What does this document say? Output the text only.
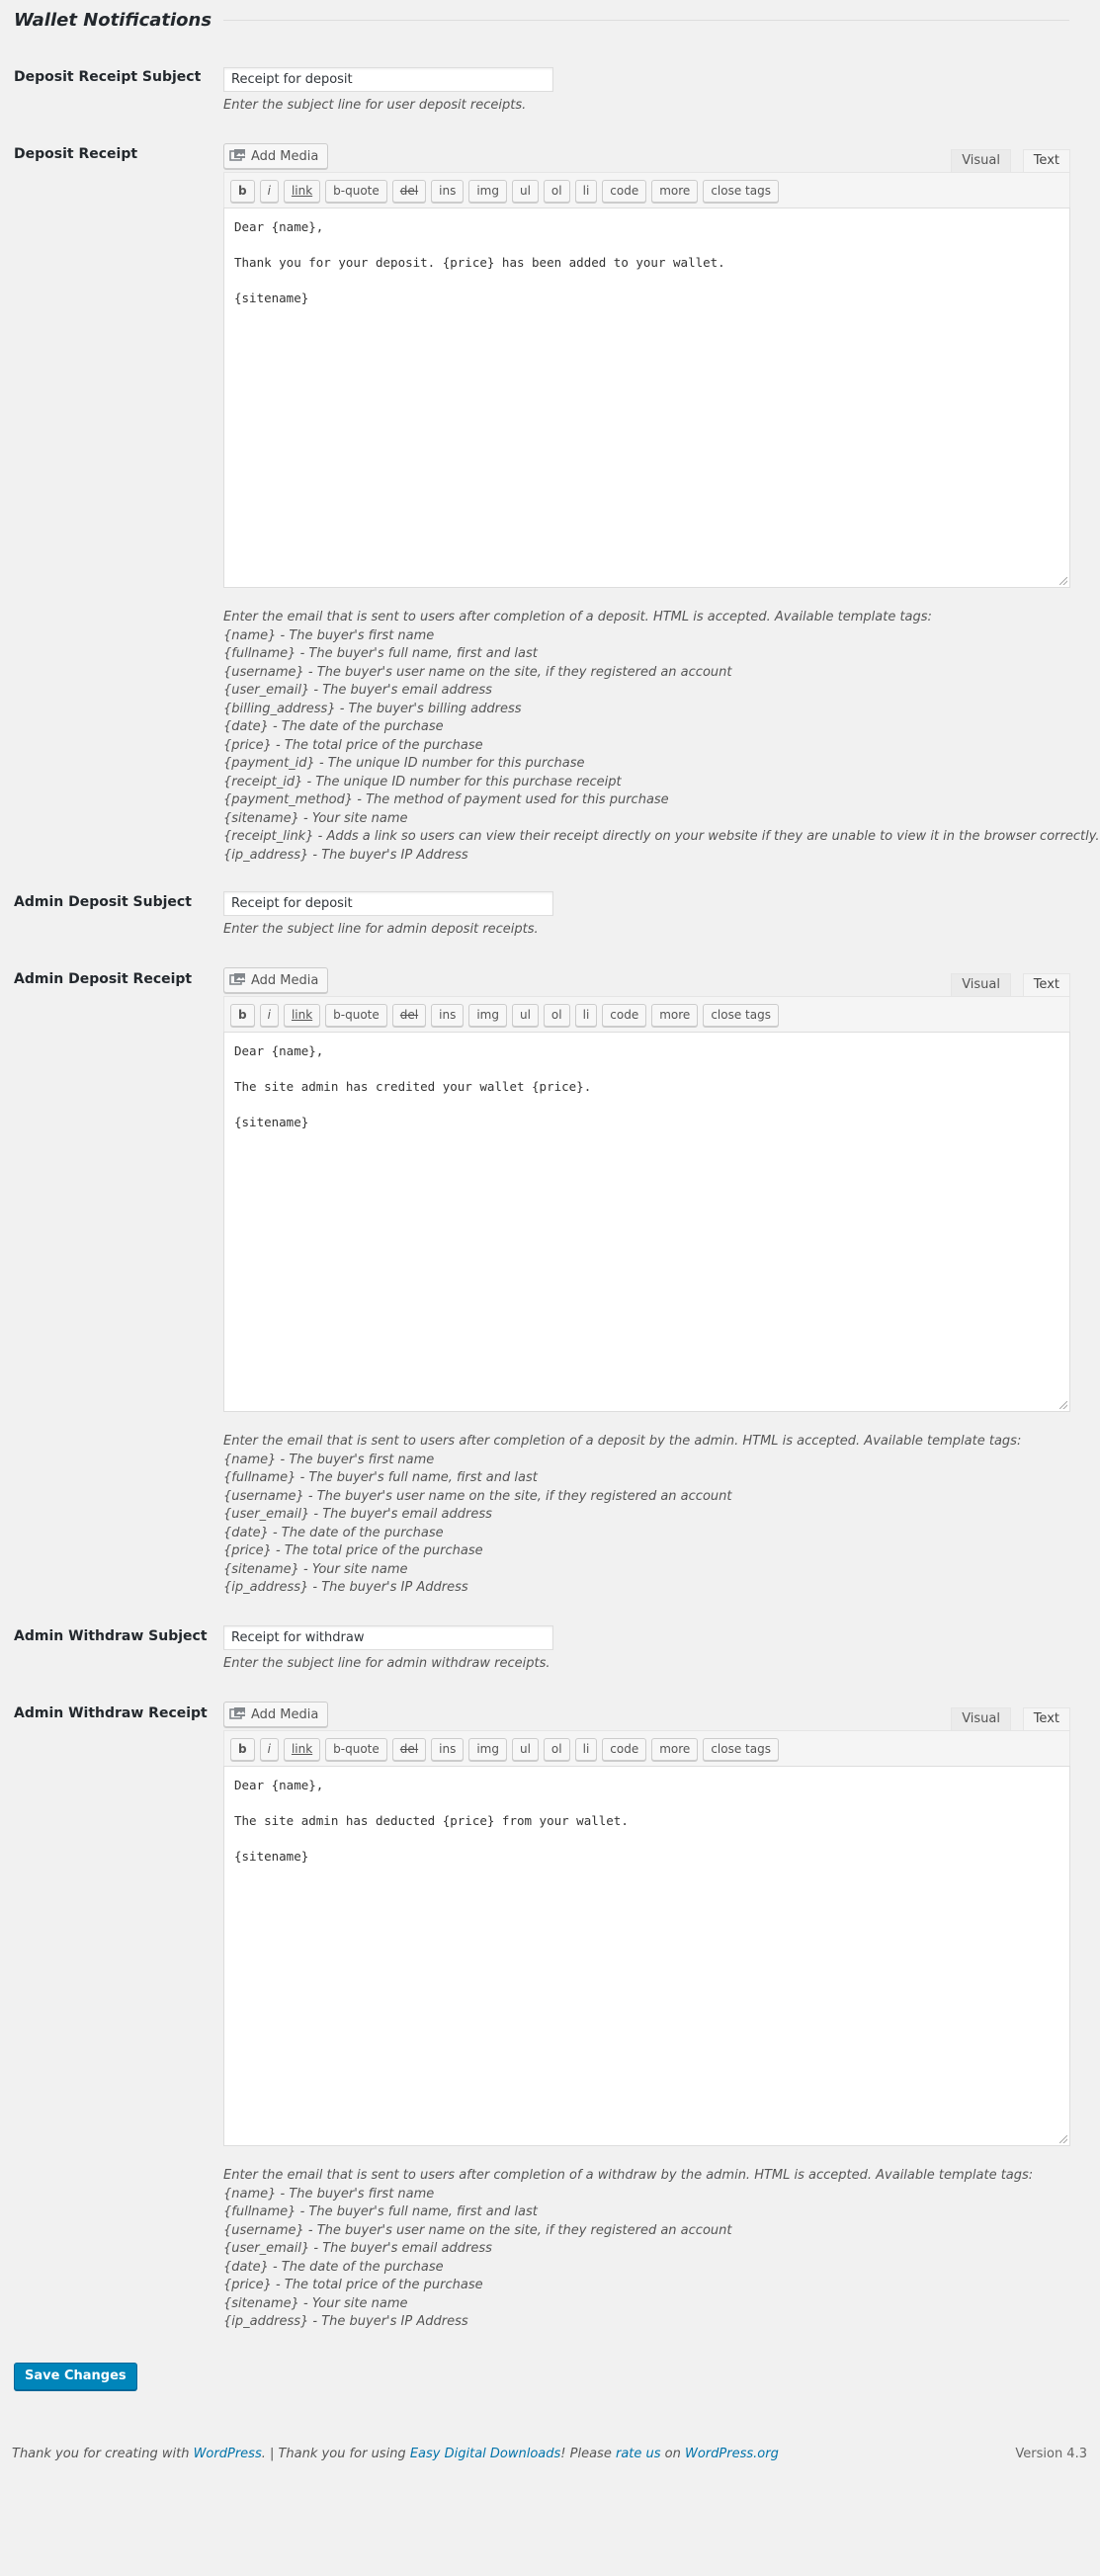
Wallet Notifications
Deposit Receipt Subject	Receipt for deposit

Enter the subject line for user deposit receipts.

Deposit Receipt	Add Media	Visual	Text
b	i	link	b-quote	del	ins	img	ul	ol	li	code	more	close tags
Dear {name},
Thank you for your deposit. {price} has been added to your wallet.
{sitename}
Enter the email that is sent to users after completion of a deposit. HTML is accepted. Available template tags:
{name} - The buyer's first name
{fullname} - The buyer's full name, first and last
{username} - The buyer's user name on the site, if they registered an account
{user_email} - The buyer's email address
{billing_address} - The buyer's billing address
{date} - The date of the purchase
{price} - The total price of the purchase
{payment_id} - The unique ID number for this purchase
{receipt_id} - The unique ID number for this purchase receipt
{payment_method} - The method of payment used for this purchase
{sitename} - Your site name
{receipt_link} - Adds a link so users can view their receipt directly on your website if they are unable to view it in the browser correctly.
{ip_address} - The buyer's IP Address
Admin Deposit Subject	Receipt for deposit

Enter the subject line for admin deposit receipts.

Admin Deposit Receipt	Add Media	Visual	Text
b	i	link	b-quote	del	ins	img	ul	ol	li	code	more	close tags
Dear {name},
The site admin has credited your wallet {price}.
{sitename}
Enter the email that is sent to users after completion of a deposit by the admin. HTML is accepted. Available template tags:
{name} - The buyer's first name
{fullname} - The buyer's full name, first and last
{username} - The buyer's user name on the site, if they registered an account
{user_email} - The buyer's email address
{date} - The date of the purchase
{price} - The total price of the purchase
{sitename} - Your site name
{ip_address} - The buyer's IP Address
Admin Withdraw Subject	Receipt for withdraw

Enter the subject line for admin withdraw receipts.

Admin Withdraw Receipt	Add Media	Visual	Text
b	i	link	b-quote	del	ins	img	ul	ol	li	code	more	close tags
Dear {name},
The site admin has deducted {price} from your wallet.
{sitename}
Enter the email that is sent to users after completion of a withdraw by the admin. HTML is accepted. Available template tags:
{name} - The buyer's first name
{fullname} - The buyer's full name, first and last
{username} - The buyer's user name on the site, if they registered an account
{user_email} - The buyer's email address
{date} - The date of the purchase
{price} - The total price of the purchase
{sitename} - Your site name
{ip_address} - The buyer's IP Address
Save Changes
Thank you for creating with WordPress. | Thank you for using Easy Digital Downloads! Please rate us on WordPress.org	Version 4.3
